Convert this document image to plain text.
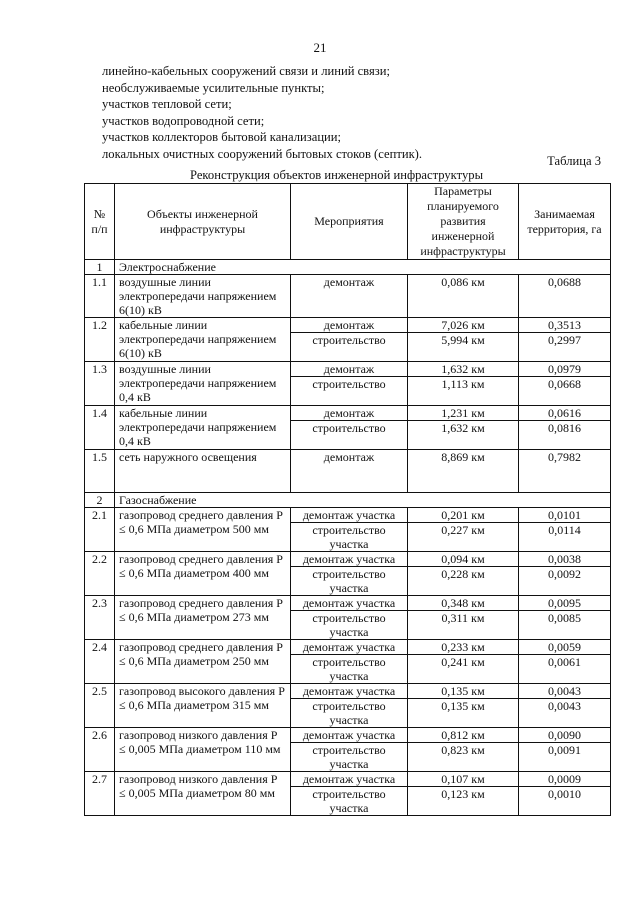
21
линейно-кабельных сооружений связи и линий связи;
необслуживаемые усилительные пункты;
участков тепловой сети;
участков водопроводной сети;
участков коллекторов бытовой канализации;
локальных очистных сооружений бытовых стоков (септик).
Таблица 3
Реконструкция объектов инженерной инфраструктуры
№ п/п	Объекты инженерной инфраструктуры	Мероприятия	Параметры планируемого развития инженерной инфраструктуры	Занимаемая территория, га
1	Электроснабжение			
1.1	воздушные линии электропередачи напряжением 6(10) кВ	демонтаж	0,086 км	0,0688
1.2	кабельные линии электропередачи напряжением 6(10) кВ	демонтаж	7,026 км	0,3513
		строительство	5,994 км	0,2997
1.3	воздушные линии электропередачи напряжением 0,4 кВ	демонтаж	1,632 км	0,0979
		строительство	1,113 км	0,0668
1.4	кабельные линии электропередачи напряжением 0,4 кВ	демонтаж	1,231 км	0,0616
		строительство	1,632 км	0,0816
1.5	сеть наружного освещения	демонтаж	8,869 км	0,7982
2	Газоснабжение			
2.1	газопровод среднего давления P ≤ 0,6 МПа диаметром 500 мм	демонтаж участка	0,201 км	0,0101
		строительство участка	0,227 км	0,0114
2.2	газопровод среднего давления P ≤ 0,6 МПа диаметром 400 мм	демонтаж участка	0,094 км	0,0038
		строительство участка	0,228 км	0,0092
2.3	газопровод среднего давления P ≤ 0,6 МПа диаметром 273 мм	демонтаж участка	0,348 км	0,0095
		строительство участка	0,311 км	0,0085
2.4	газопровод среднего давления P ≤ 0,6 МПа диаметром 250 мм	демонтаж участка	0,233 км	0,0059
		строительство участка	0,241 км	0,0061
2.5	газопровод высокого давления P ≤ 0,6 МПа диаметром 315 мм	демонтаж участка	0,135 км	0,0043
		строительство участка	0,135 км	0,0043
2.6	газопровод низкого давления P ≤ 0,005 МПа диаметром 110 мм	демонтаж участка	0,812 км	0,0090
		строительство участка	0,823 км	0,0091
2.7	газопровод низкого давления P ≤ 0,005 МПа диаметром 80 мм	демонтаж участка	0,107 км	0,0009
		строительство участка	0,123 км	0,0010
